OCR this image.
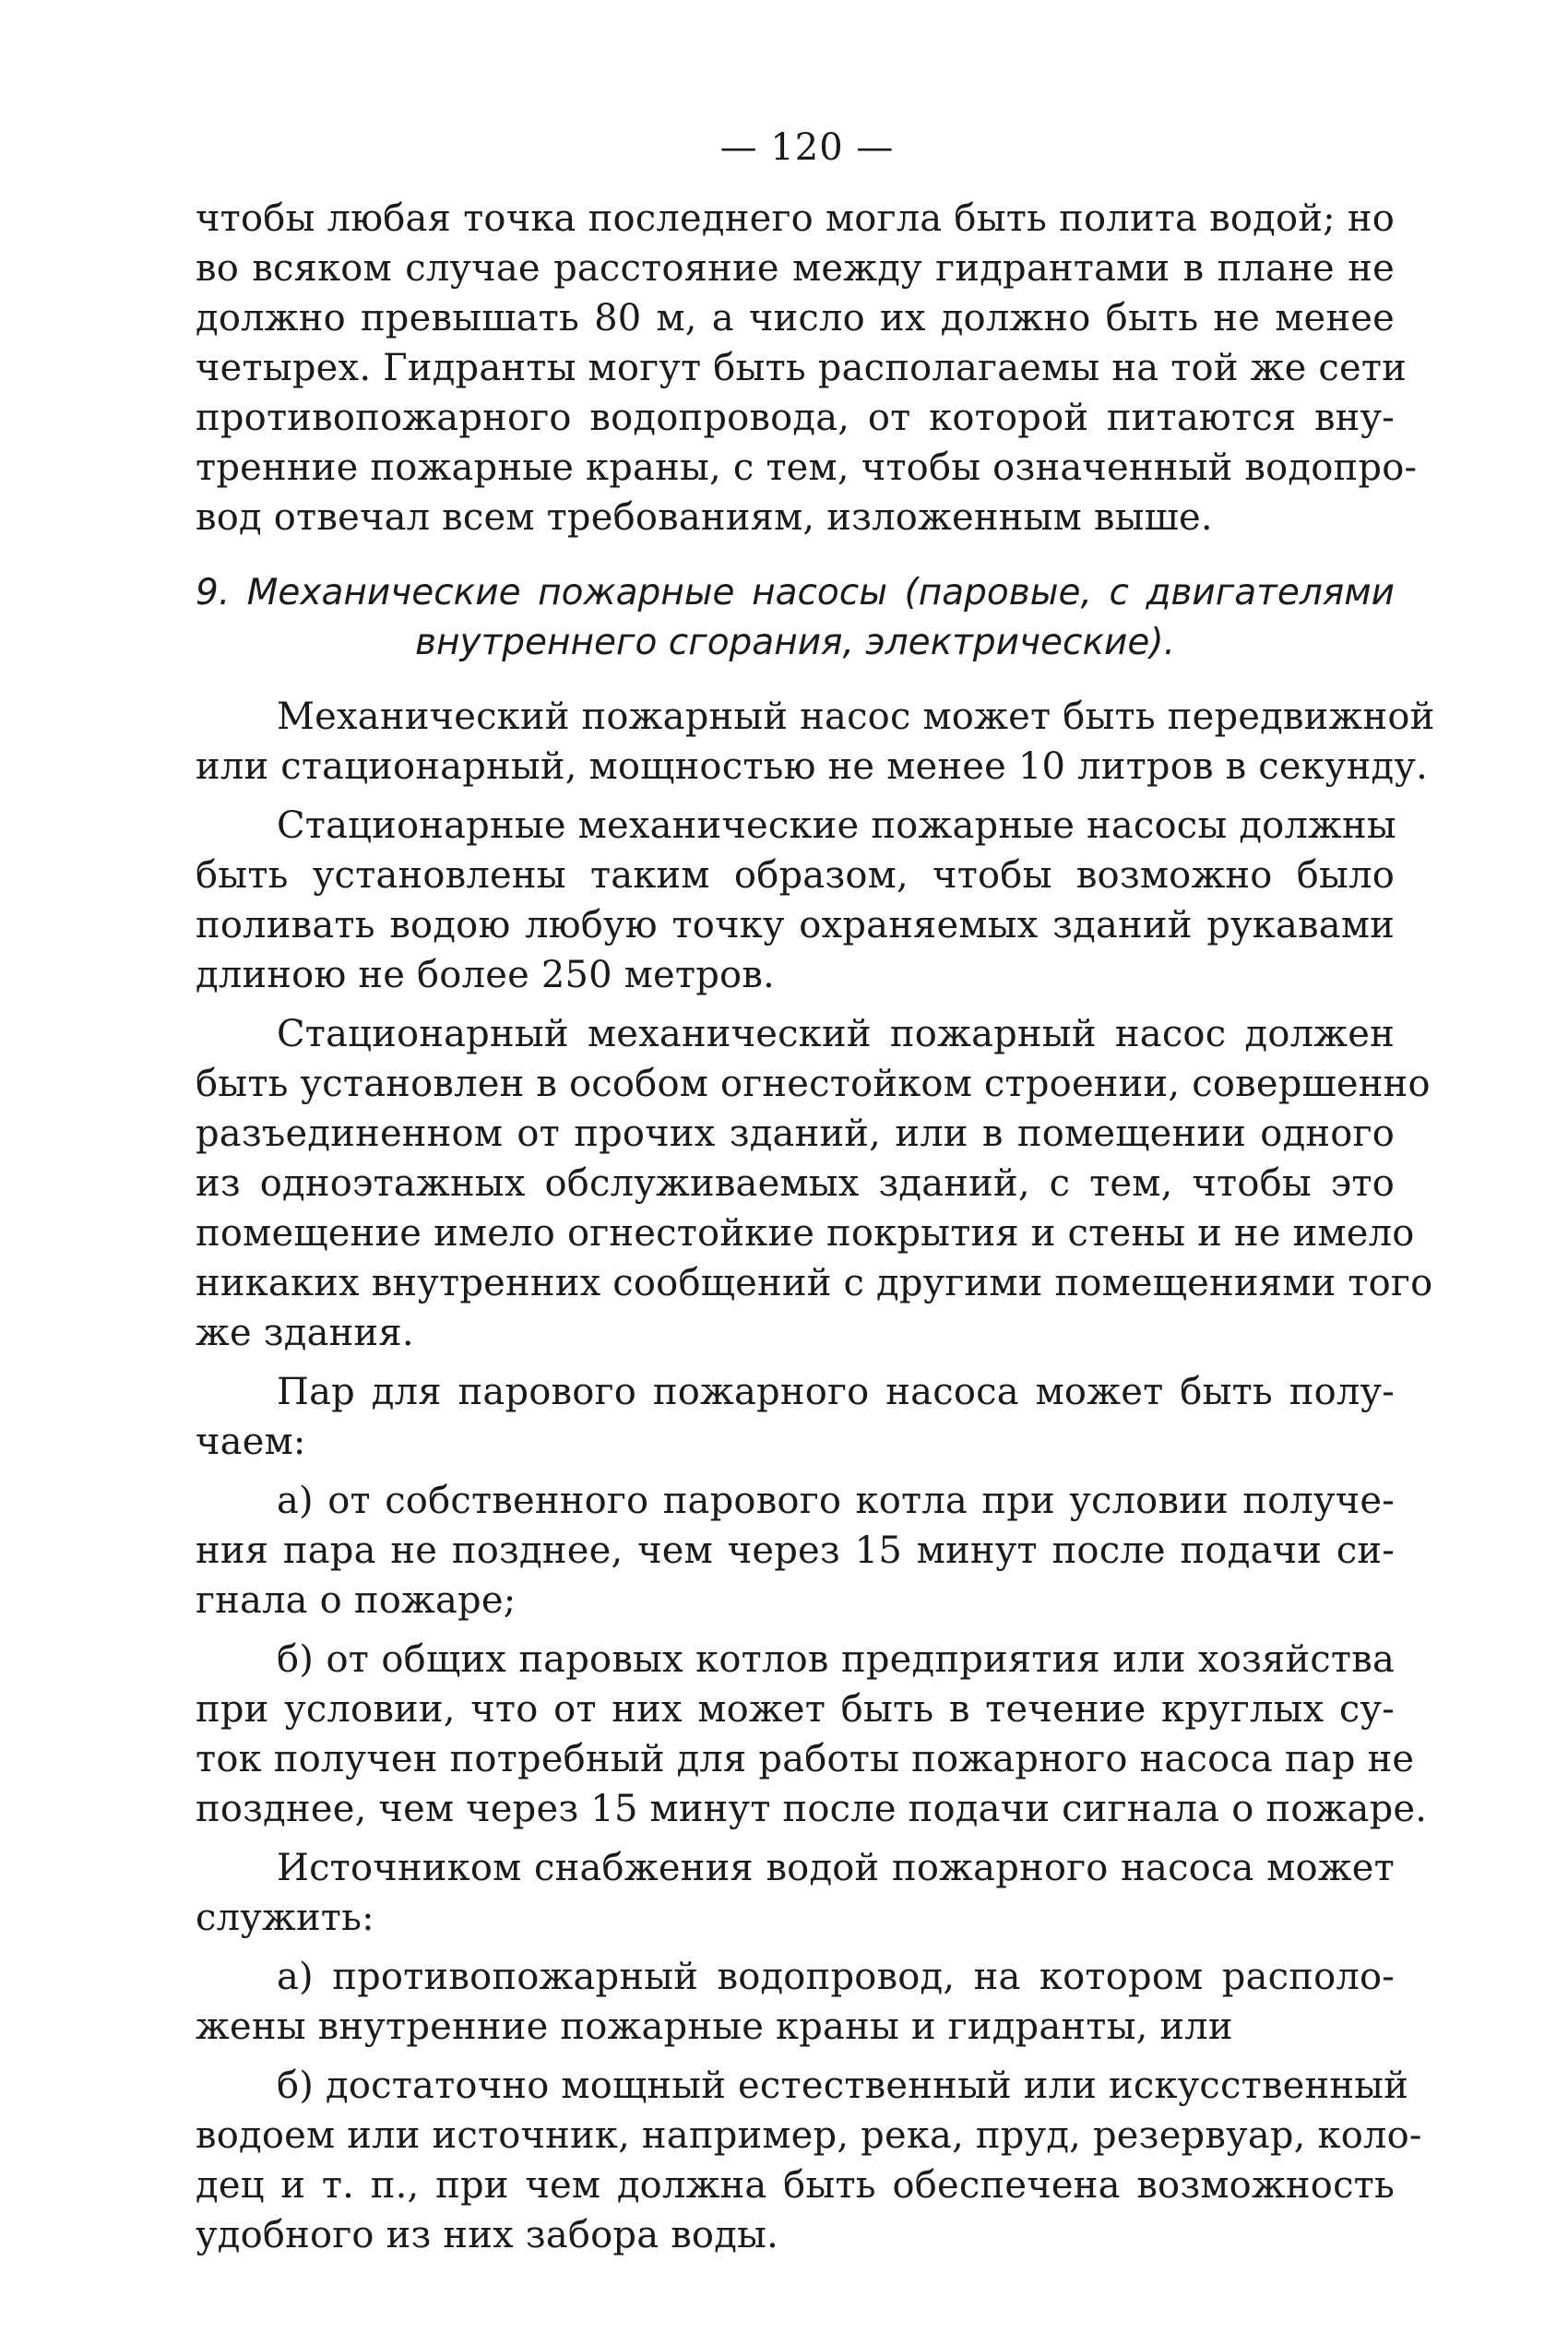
— 120 —

чтобы любая точка последнего могла быть полита водой; но
во всяком случае расстояние между гидрантами в плане не
должно превышать 80 м, а число их должно быть не менее
четырех. Гидранты могут быть располагаемы на той же сети
противопожарного водопровода, от которой питаются вну-
тренние пожарные краны, с тем, чтобы означенный водопро-
вод отвечал всем требованиям, изложенным выше.

9. Механические пожарные насосы (паровые, с двигателями
внутреннего сгорания, электрические).

Механический пожарный насос может быть передвижной
или стационарный, мощностью не менее 10 литров в секунду.

Стационарные механические пожарные насосы должны
быть установлены таким образом, чтобы возможно было
поливать водою любую точку охраняемых зданий рукавами
длиною не более 250 метров.

Стационарный механический пожарный насос должен
быть установлен в особом огнестойком строении, совершенно
разъединенном от прочих зданий, или в помещении одного
из одноэтажных обслуживаемых зданий, с тем, чтобы это
помещение имело огнестойкие покрытия и стены и не имело
никаких внутренних сообщений с другими помещениями того
же здания.

Пар для парового пожарного насоса может быть полу-
чаем:

а) от собственного парового котла при условии получе-
ния пара не позднее, чем через 15 минут после подачи си-
гнала о пожаре;

б) от общих паровых котлов предприятия или хозяйства
при условии, что от них может быть в течение круглых су-
ток получен потребный для работы пожарного насоса пар не
позднее, чем через 15 минут после подачи сигнала о пожаре.

Источником снабжения водой пожарного насоса может
служить:

а) противопожарный водопровод, на котором располо-
жены внутренние пожарные краны и гидранты, или

б) достаточно мощный естественный или искусственный
водоем или источник, например, река, пруд, резервуар, коло-
дец и т. п., при чем должна быть обеспечена возможность
удобного из них забора воды.
